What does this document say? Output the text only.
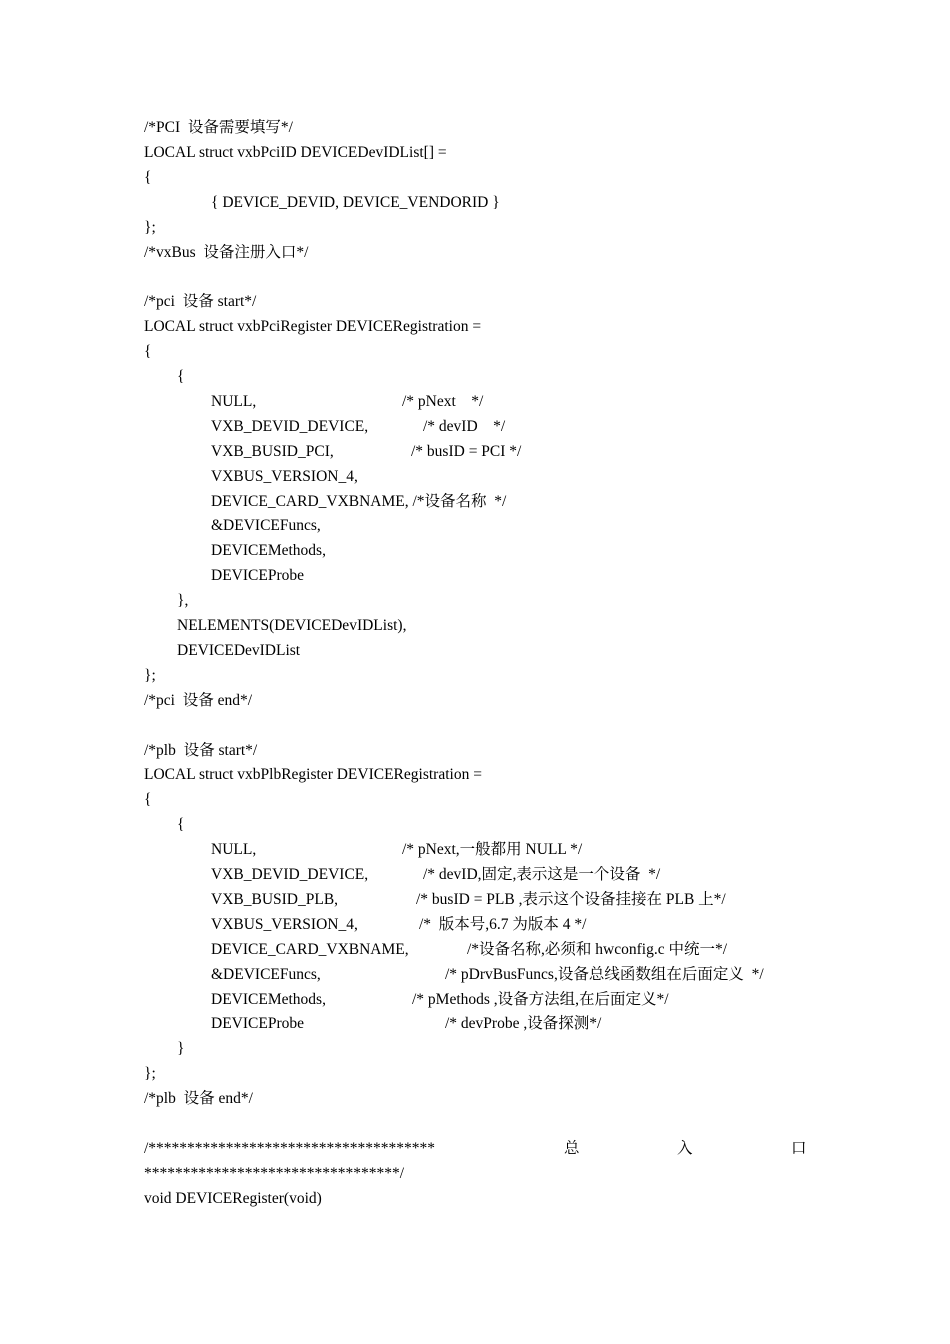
/*PCI  设备需要填写*/
LOCAL struct vxbPciID DEVICEDevIDList[] =
{
{ DEVICE_DEVID, DEVICE_VENDORID }
};
/*vxBus  设备注册入口*/
/*pci  设备 start*/
LOCAL struct vxbPciRegister DEVICERegistration =
{
{
NULL,	/* pNext    */
VXB_DEVID_DEVICE,	/* devID    */
VXB_BUSID_PCI,	/* busID = PCI */
VXBUS_VERSION_4,
DEVICE_CARD_VXBNAME, /*设备名称  */
&DEVICEFuncs,
DEVICEMethods,
DEVICEProbe
},
NELEMENTS(DEVICEDevIDList),
DEVICEDevIDList
};
/*pci  设备 end*/
/*plb  设备 start*/
LOCAL struct vxbPlbRegister DEVICERegistration =
{
{
NULL,	/* pNext,一般都用 NULL */
VXB_DEVID_DEVICE,	/* devID,固定,表示这是一个设备  */
VXB_BUSID_PLB,	/* busID = PLB ,表示这个设备挂接在 PLB 上*/
VXBUS_VERSION_4,	/*  版本号,6.7 为版本 4 */
DEVICE_CARD_VXBNAME,	/*设备名称,必须和 hwconfig.c 中统一*/
&DEVICEFuncs,	/* pDrvBusFuncs,设备总线函数组在后面定义  */
DEVICEMethods,	/* pMethods ,设备方法组,在后面定义*/
DEVICEProbe	/* devProbe ,设备探测*/
}
};
/*plb  设备 end*/
/*************************************	总	入	口
*********************************/
void DEVICERegister(void)
